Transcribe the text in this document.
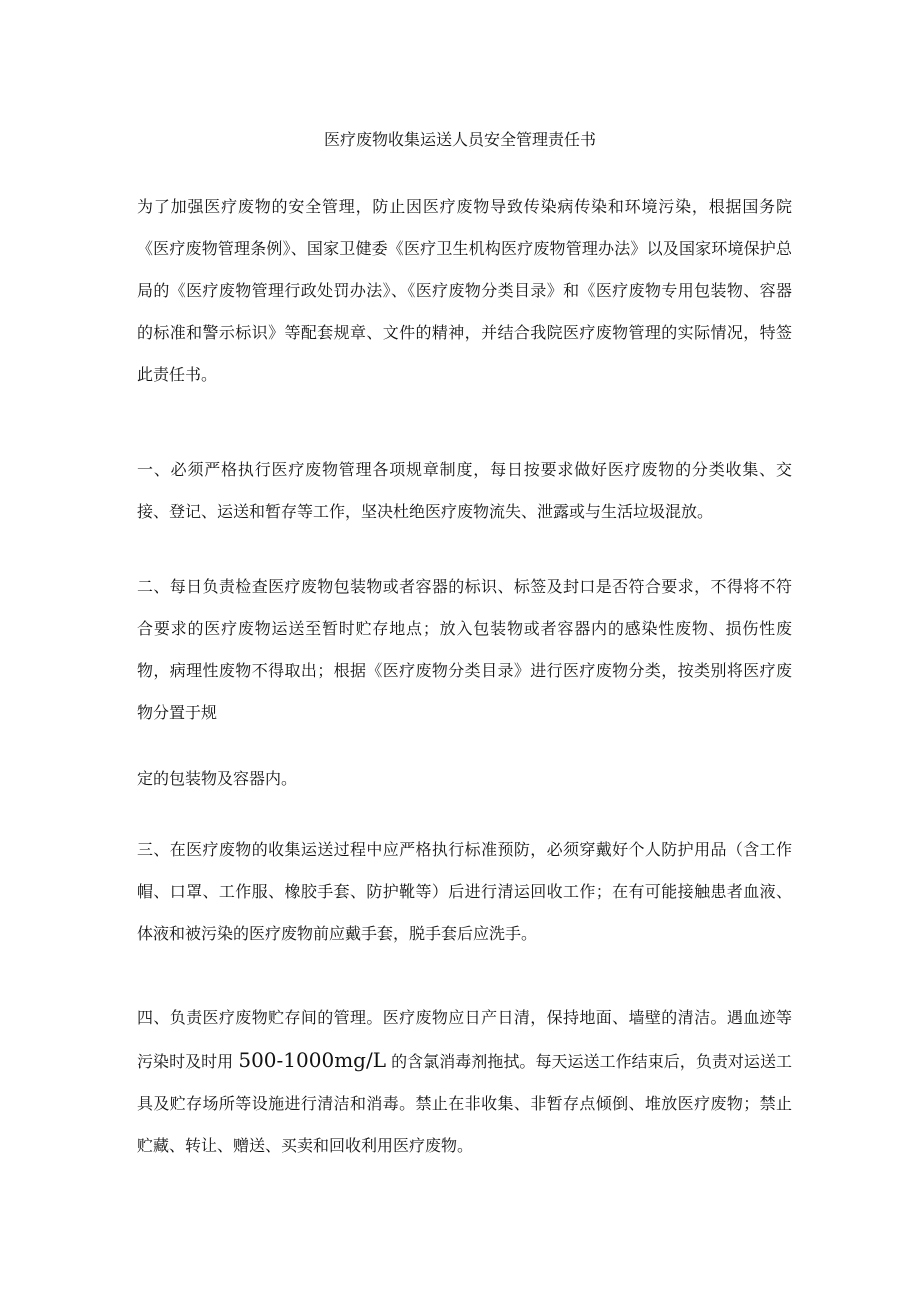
医疗废物收集运送人员安全管理责任书

为了加强医疗废物的安全管理，防止因医疗废物导致传染病传染和环境污染，根据国务院《医疗废物管理条例》、国家卫健委《医疗卫生机构医疗废物管理办法》以及国家环境保护总局的《医疗废物管理行政处罚办法》、《医疗废物分类目录》和《医疗废物专用包装物、容器的标准和警示标识》等配套规章、文件的精神，并结合我院医疗废物管理的实际情况，特签此责任书。

一、必须严格执行医疗废物管理各项规章制度，每日按要求做好医疗废物的分类收集、交接、登记、运送和暂存等工作，坚决杜绝医疗废物流失、泄露或与生活垃圾混放。

二、每日负责检查医疗废物包装物或者容器的标识、标签及封口是否符合要求，不得将不符合要求的医疗废物运送至暂时贮存地点；放入包装物或者容器内的感染性废物、损伤性废物，病理性废物不得取出；根据《医疗废物分类目录》进行医疗废物分类，按类别将医疗废物分置于规

定的包装物及容器内。

三、在医疗废物的收集运送过程中应严格执行标准预防，必须穿戴好个人防护用品（含工作帽、口罩、工作服、橡胶手套、防护靴等）后进行清运回收工作；在有可能接触患者血液、体液和被污染的医疗废物前应戴手套，脱手套后应洗手。

四、负责医疗废物贮存间的管理。医疗废物应日产日清，保持地面、墙壁的清洁。遇血迹等污染时及时用 500-1000mg/L 的含氯消毒剂拖拭。每天运送工作结束后，负责对运送工具及贮存场所等设施进行清洁和消毒。禁止在非收集、非暂存点倾倒、堆放医疗废物；禁止贮藏、转让、赠送、买卖和回收利用医疗废物。
